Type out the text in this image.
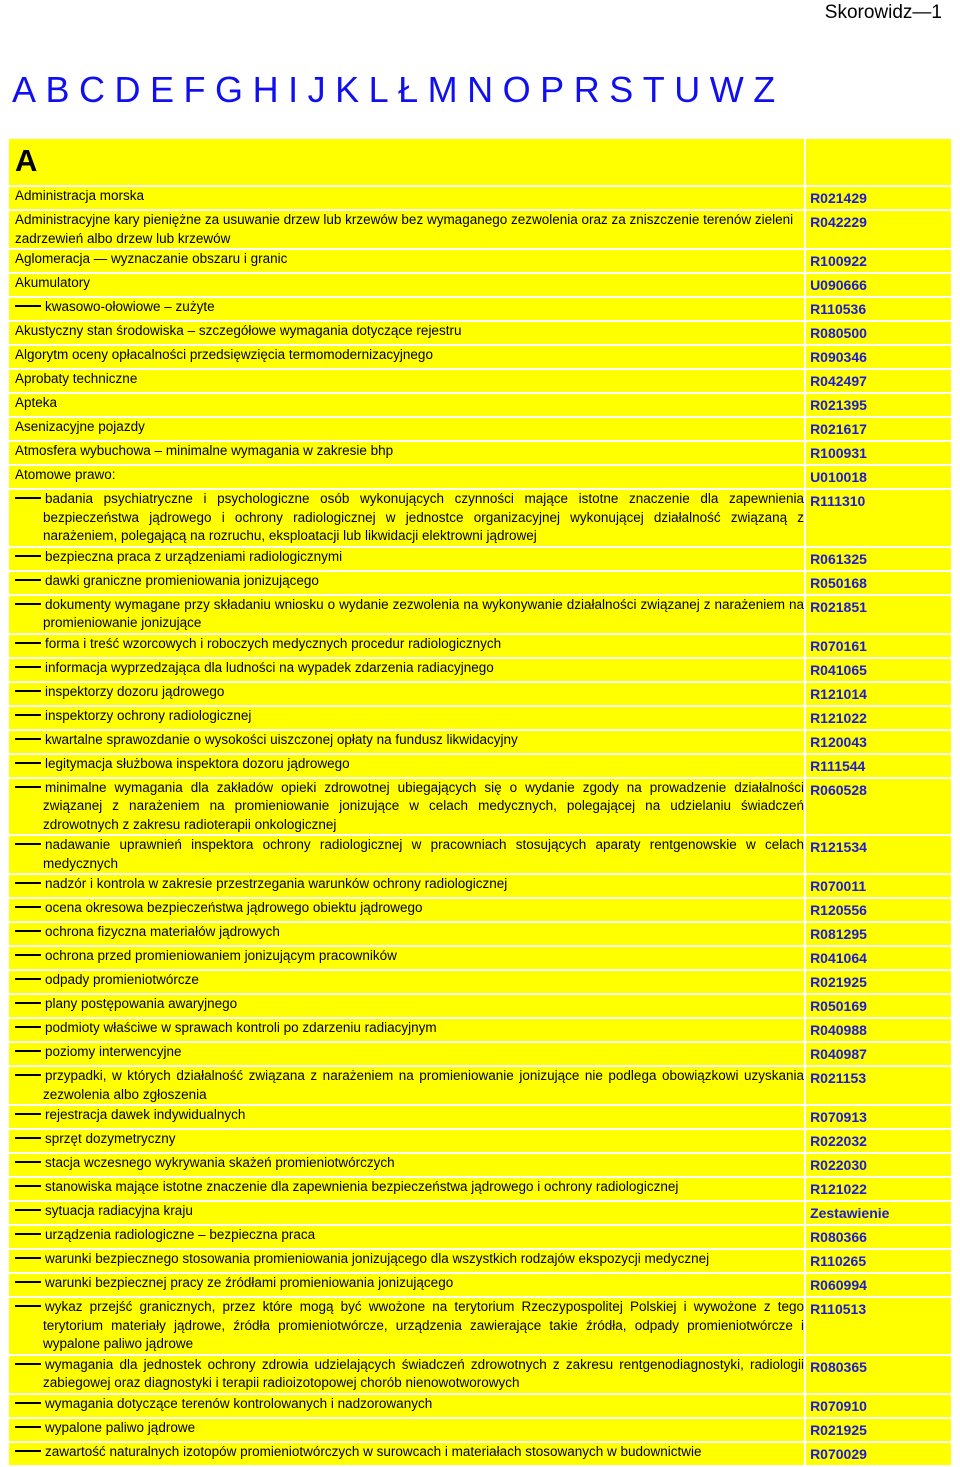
Skorowidz—1
A B C D E F G H I J K L Ł M N O P R S T U W Z
A	
Administracja morska	R021429
Administracyjne kary pieniężne za usuwanie drzew lub krzewów bez wymaganego zezwolenia oraz za zniszczenie terenów zieleni zadrzewień albo drzew lub krzewów	R042229
Aglomeracja — wyznaczanie obszaru i granic	R100922
Akumulatory	U090666

kwasowo-ołowiowe – zużyte	R110536
Akustyczny stan środowiska – szczegółowe wymagania dotyczące rejestru	R080500
Algorytm oceny opłacalności przedsięwzięcia termomodernizacyjnego	R090346
Aprobaty techniczne	R042497
Apteka	R021395
Asenizacyjne pojazdy	R021617
Atmosfera wybuchowa – minimalne wymagania w zakresie bhp	R100931
Atomowe prawo:	U010018

badania psychiatryczne i psychologiczne osób wykonujących czynności mające istotne znaczenie dla zapewnienia bezpieczeństwa jądrowego i ochrony radiologicznej w jednostce organizacyjnej wykonującej działalność związaną z narażeniem, polegającą na rozruchu, eksploatacji lub likwidacji elektrowni jądrowej	R111310

bezpieczna praca z urządzeniami radiologicznymi	R061325

dawki graniczne promieniowania jonizującego	R050168

dokumenty wymagane przy składaniu wniosku o wydanie zezwolenia na wykonywanie działalności związanej z narażeniem na promieniowanie jonizujące	R021851

forma i treść wzorcowych i roboczych medycznych procedur radiologicznych	R070161

informacja wyprzedzająca dla ludności na wypadek zdarzenia radiacyjnego	R041065

inspektorzy dozoru jądrowego	R121014

inspektorzy ochrony radiologicznej	R121022

kwartalne sprawozdanie o wysokości uiszczonej opłaty na fundusz likwidacyjny	R120043

legitymacja służbowa inspektora dozoru jądrowego	R111544

minimalne wymagania dla zakładów opieki zdrowotnej ubiegających się o wydanie zgody na prowadzenie działalności związanej z narażeniem na promieniowanie jonizujące w celach medycznych, polegającej na udzielaniu świadczeń zdrowotnych z zakresu radioterapii onkologicznej	R060528

nadawanie uprawnień inspektora ochrony radiologicznej w pracowniach stosujących aparaty rentgenowskie w celach medycznych	R121534

nadzór i kontrola w zakresie przestrzegania warunków ochrony radiologicznej	R070011

ocena okresowa bezpieczeństwa jądrowego obiektu jądrowego	R120556

ochrona fizyczna materiałów jądrowych	R081295

ochrona przed promieniowaniem jonizującym pracowników	R041064

odpady promieniotwórcze	R021925

plany postępowania awaryjnego	R050169

podmioty właściwe w sprawach kontroli po zdarzeniu radiacyjnym	R040988

poziomy interwencyjne	R040987

przypadki, w których działalność związana z narażeniem na promieniowanie jonizujące nie podlega obowiązkowi uzyskania zezwolenia albo zgłoszenia	R021153

rejestracja dawek indywidualnych	R070913

sprzęt dozymetryczny	R022032

stacja wczesnego wykrywania skażeń promieniotwórczych	R022030

stanowiska mające istotne znaczenie dla zapewnienia bezpieczeństwa jądrowego i ochrony radiologicznej	R121022

sytuacja radiacyjna kraju	Zestawienie

urządzenia radiologiczne – bezpieczna praca	R080366

warunki bezpiecznego stosowania promieniowania jonizującego dla wszystkich rodzajów ekspozycji medycznej	R110265

warunki bezpiecznej pracy ze źródłami promieniowania jonizującego	R060994

wykaz przejść granicznych, przez które mogą być wwożone na terytorium Rzeczypospolitej Polskiej i wywożone z tego terytorium materiały jądrowe, źródła promieniotwórcze, urządzenia zawierające takie źródła, odpady promieniotwórcze i wypalone paliwo jądrowe	R110513

wymagania dla jednostek ochrony zdrowia udzielających świadczeń zdrowotnych z zakresu rentgenodiagnostyki, radiologii zabiegowej oraz diagnostyki i terapii radioizotopowej chorób nienowotworowych	R080365

wymagania dotyczące terenów kontrolowanych i nadzorowanych	R070910

wypalone paliwo jądrowe	R021925

zawartość naturalnych izotopów promieniotwórczych w surowcach i materiałach stosowanych w budownictwie	R070029
